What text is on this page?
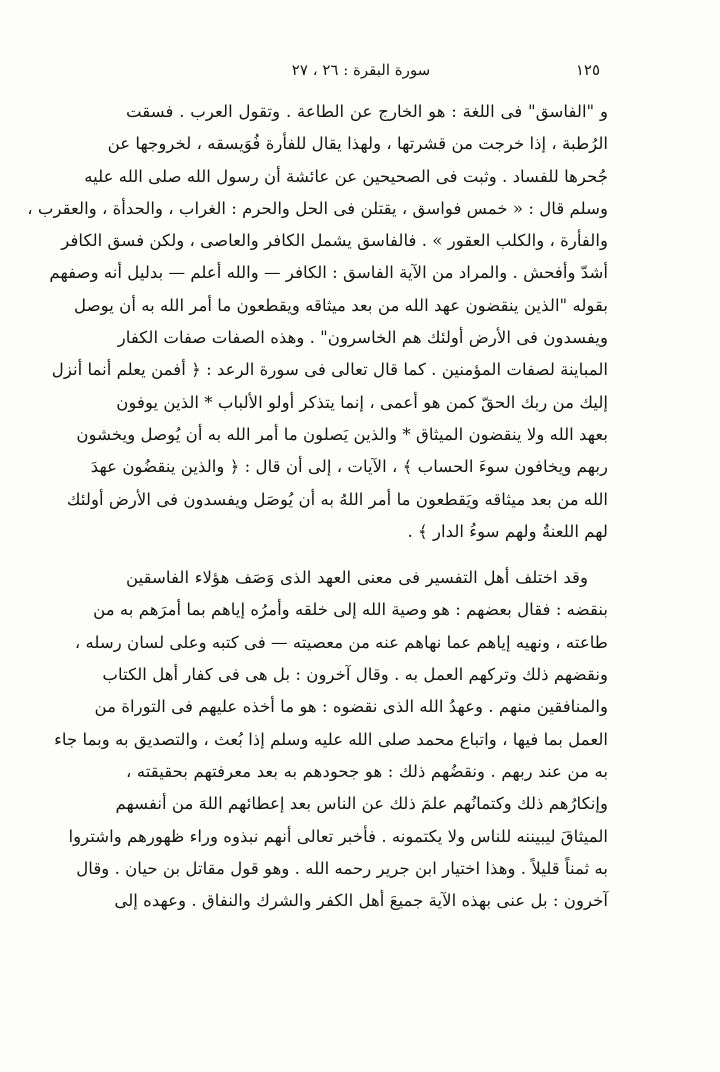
١٢٥
سورة البقرة : ٢٦ ، ٢٧
و "الفاسق" فى اللغة : هو الخارج عن الطاعة . وتقول العرب . فسقت
الرُطبة ، إذا خرجت من قشرتها ، ولهذا يقال للفأرة فُوَيسقه ، لخروجها عن
جُحرها للفساد . وثبت فى الصحيحين عن عائشة أن رسول الله صلى الله عليه
وسلم قال : « خمس فواسق ، يقتلن فى الحل والحرم : الغراب ، والحدأة ، والعقرب ،
والفأرة ، والكلب العقور » . فالفاسق يشمل الكافر والعاصى ، ولكن فسق الكافر
أشدّ وأفحش . والمراد من الآية الفاسق : الكافر — والله أعلم — بدليل أنه وصفهم
بقوله "الذين ينقضون عهد الله من بعد ميثاقه ويقطعون ما أمر الله به أن يوصل
ويفسدون فى الأرض أولئك هم الخاسرون" . وهذه الصفات صفات الكفار
المباينة لصفات المؤمنين . كما قال تعالى فى سورة الرعد : ﴿ أفمن يعلم أنما أنزل
إليك من ربك الحقّ كمن هو أعمى ، إنما يتذكر أولو الألباب * الذين يوفون
بعهد الله ولا ينقضون الميثاق * والذين يَصلون ما أمر الله به أن يُوصل ويخشون
ربهم ويخافون سوءَ الحساب ﴾ ، الآيات ، إلى أن قال : ﴿ والذين ينقضُون عهدَ
الله من بعد ميثاقه ويَقطعون ما أمر اللهُ به أن يُوصَل ويفسدون فى الأرض أولئك
لهم اللعنةُ ولهم سوءُ الدار ﴾ .
وقد اختلف أهل التفسير فى معنى العهد الذى وَصَف هؤلاء الفاسقين
بنقضه : فقال بعضهم : هو وصية الله إلى خلقه وأمرُه إياهم بما أمرَهم به من
طاعته ، ونهيه إياهم عما نهاهم عنه من معصيته — فى كتبه وعلى لسان رسله ،
ونقضهم ذلك وتركهم العمل به . وقال آخرون : بل هى فى كفار أهل الكتاب
والمنافقين منهم . وعهدُ الله الذى نقضوه : هو ما أخذه عليهم فى التوراة من
العمل بما فيها ، واتباع محمد صلى الله عليه وسلم إذا بُعث ، والتصديق به وبما جاء
به من عند ربهم . ونقضُهم ذلك : هو جحودهم به بعد معرفتهم بحقيقته ،
وإنكارُهم ذلك وكتمانُهم علمَ ذلك عن الناس بعد إعطائهم اللهَ من أنفسهم
الميثاقَ ليبيننه للناس ولا يكتمونه . فأخبر تعالى أنهم نبذوه وراء ظهورهم واشتروا
به ثمناً قليلاً . وهذا اختيار ابن جرير رحمه الله . وهو قول مقاتل بن حيان . وقال
آخرون : بل عنى بهذه الآية جميعَ أهل الكفر والشرك والنفاق . وعهده إلى
